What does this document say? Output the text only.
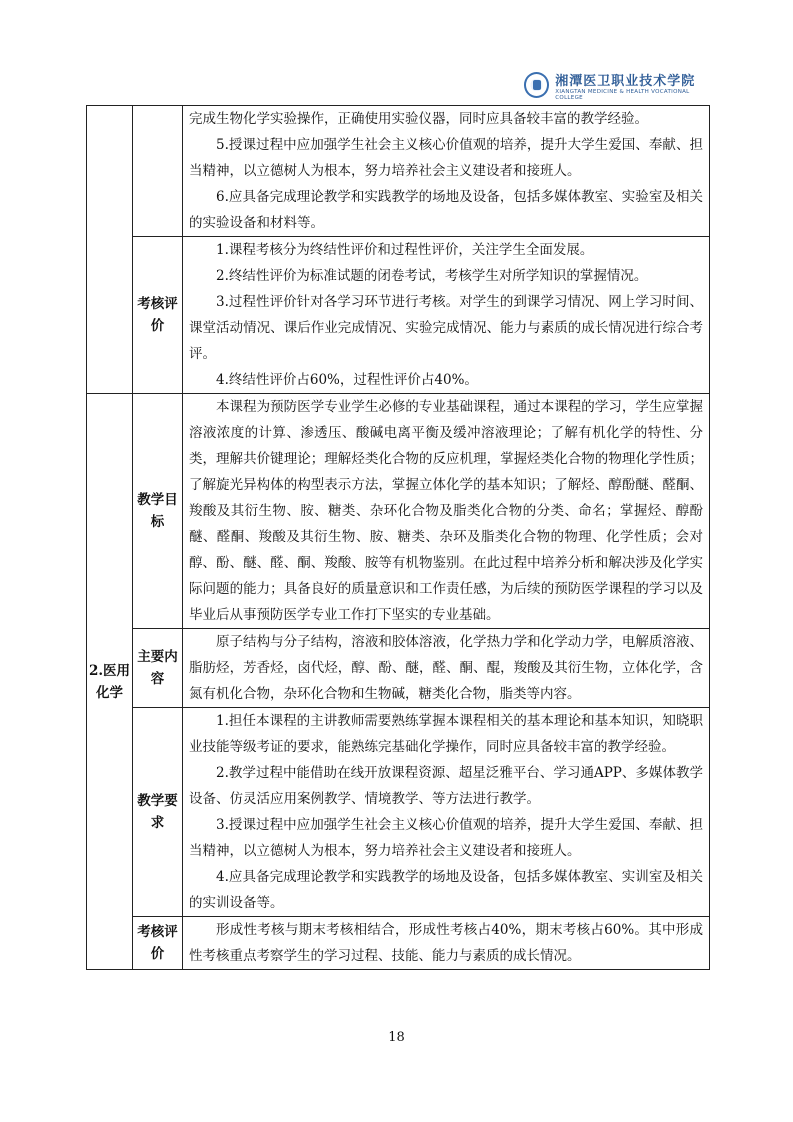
湘潭医卫职业技术学院
XIANGTAN MEDICINE & HEALTH VOCATIONAL COLLEGE

		完成生物化学实验操作，正确使用实验仪器，同时应具备较丰富的教学经验。

5.授课过程中应加强学生社会主义核心价值观的培养，提升大学生爱国、奉献、担当精神，以立德树人为根本，努力培养社会主义建设者和接班人。

6.应具备完成理论教学和实践教学的场地及设备，包括多媒体教室、实验室及相关的实验设备和材料等。

	考核评价	1.课程考核分为终结性评价和过程性评价，关注学生全面发展。

2.终结性评价为标准试题的闭卷考试，考核学生对所学知识的掌握情况。

3.过程性评价针对各学习环节进行考核。对学生的到课学习情况、网上学习时间、课堂活动情况、课后作业完成情况、实验完成情况、能力与素质的成长情况进行综合考评。

4.终结性评价占60%，过程性评价占40%。

2.医用化学	教学目标	本课程为预防医学专业学生必修的专业基础课程，通过本课程的学习，学生应掌握溶液浓度的计算、渗透压、酸碱电离平衡及缓冲溶液理论；了解有机化学的特性、分类，理解共价键理论；理解烃类化合物的反应机理，掌握烃类化合物的物理化学性质；了解旋光异构体的构型表示方法，掌握立体化学的基本知识；了解烃、醇酚醚、醛酮、羧酸及其衍生物、胺、糖类、杂环化合物及脂类化合物的分类、命名；掌握烃、醇酚醚、醛酮、羧酸及其衍生物、胺、糖类、杂环及脂类化合物的物理、化学性质；会对醇、酚、醚、醛、酮、羧酸、胺等有机物鉴别。在此过程中培养分析和解决涉及化学实际问题的能力；具备良好的质量意识和工作责任感，为后续的预防医学课程的学习以及毕业后从事预防医学专业工作打下坚实的专业基础。

	主要内容	原子结构与分子结构，溶液和胶体溶液，化学热力学和化学动力学，电解质溶液、脂肪烃，芳香烃，卤代烃，醇、酚、醚，醛、酮、醌，羧酸及其衍生物，立体化学，含氮有机化合物，杂环化合物和生物碱，糖类化合物，脂类等内容。

	教学要求	1.担任本课程的主讲教师需要熟练掌握本课程相关的基本理论和基本知识，知晓职业技能等级考证的要求，能熟练完基础化学操作，同时应具备较丰富的教学经验。

2.教学过程中能借助在线开放课程资源、超星泛雅平台、学习通APP、多媒体教学设备、仿灵活应用案例教学、情境教学、等方法进行教学。

3.授课过程中应加强学生社会主义核心价值观的培养，提升大学生爱国、奉献、担当精神，以立德树人为根本，努力培养社会主义建设者和接班人。

4.应具备完成理论教学和实践教学的场地及设备，包括多媒体教室、实训室及相关的实训设备等。

	考核评价	形成性考核与期末考核相结合，形成性考核占40%，期末考核占60%。其中形成性考核重点考察学生的学习过程、技能、能力与素质的成长情况。

18
